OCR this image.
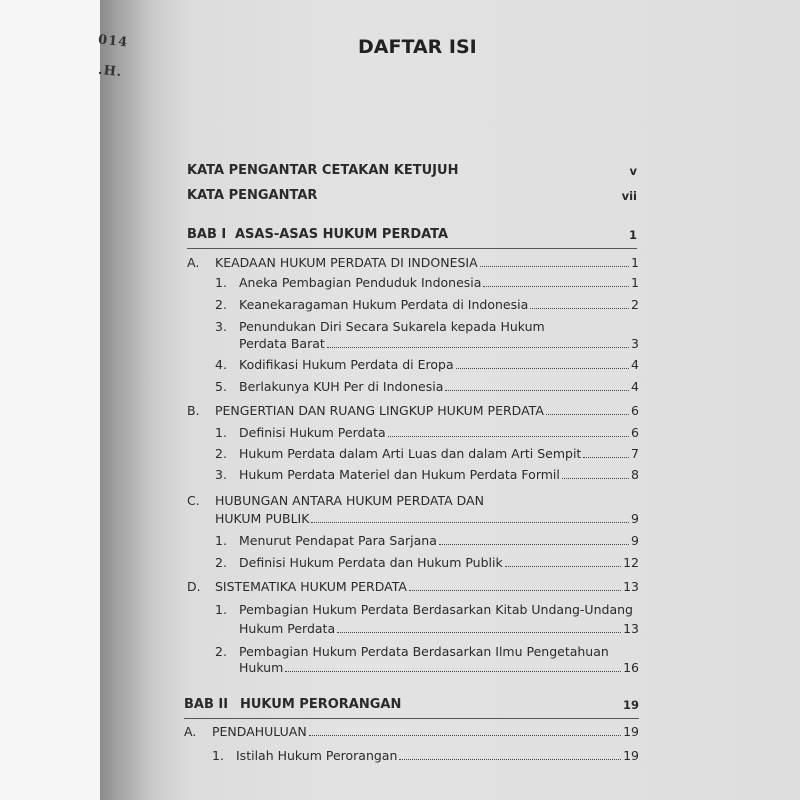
014
.H.
DAFTAR ISI
KATA PENGANTAR CETAKAN KETUJUH	v
KATA PENGANTAR	vii
BAB I ASAS-ASAS HUKUM PERDATA	1
A.	KEADAAN HUKUM PERDATA DI INDONESIA	1
1. Aneka Pembagian Penduduk Indonesia	1
2. Keanekaragaman Hukum Perdata di Indonesia	2
3. Penundukan Diri Secara Sukarela kepada Hukum
Perdata Barat	3
4. Kodifikasi Hukum Perdata di Eropa	4
5. Berlakunya KUH Per di Indonesia	4
B.	PENGERTIAN DAN RUANG LINGKUP HUKUM PERDATA	6
1. Definisi Hukum Perdata	6
2. Hukum Perdata dalam Arti Luas dan dalam Arti Sempit	7
3. Hukum Perdata Materiel dan Hukum Perdata Formil	8
C. HUBUNGAN ANTARA HUKUM PERDATA DAN
HUKUM PUBLIK	9
1. Menurut Pendapat Para Sarjana	9
2. Definisi Hukum Perdata dan Hukum Publik	12
D.	SISTEMATIKA HUKUM PERDATA	13
1. Pembagian Hukum Perdata Berdasarkan Kitab Undang-Undang
Hukum Perdata	13
2. Pembagian Hukum Perdata Berdasarkan Ilmu Pengetahuan
Hukum	16
BAB II HUKUM PERORANGAN	19
A.	PENDAHULUAN	19
1. Istilah Hukum Perorangan	19
